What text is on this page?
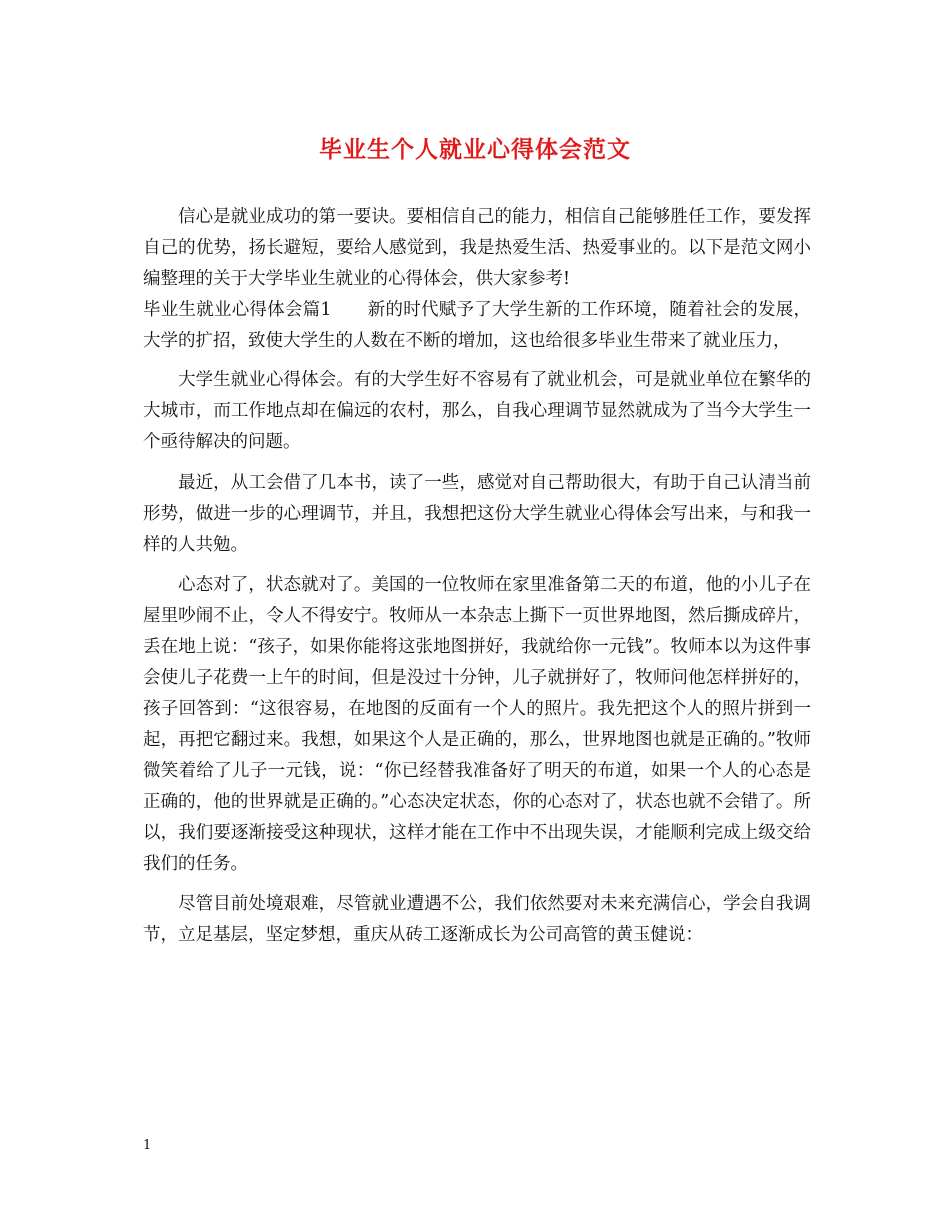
毕业生个人就业心得体会范文

信心是就业成功的第一要诀。要相信自己的能力，相信自己能够胜任工作，要发挥自己的优势，扬长避短，要给人感觉到，我是热爱生活、热爱事业的。以下是范文网小编整理的关于大学毕业生就业的心得体会，供大家参考!

毕业生就业心得体会篇1 新的时代赋予了大学生新的工作环境，随着社会的发展，大学的扩招，致使大学生的人数在不断的增加，这也给很多毕业生带来了就业压力，

大学生就业心得体会。有的大学生好不容易有了就业机会，可是就业单位在繁华的大城市，而工作地点却在偏远的农村，那么，自我心理调节显然就成为了当今大学生一个亟待解决的问题。

最近，从工会借了几本书，读了一些，感觉对自己帮助很大，有助于自己认清当前形势，做进一步的心理调节，并且，我想把这份大学生就业心得体会写出来，与和我一样的人共勉。

心态对了，状态就对了。美国的一位牧师在家里准备第二天的布道，他的小儿子在屋里吵闹不止，令人不得安宁。牧师从一本杂志上撕下一页世界地图，然后撕成碎片，丢在地上说：“孩子，如果你能将这张地图拼好，我就给你一元钱”。牧师本以为这件事会使儿子花费一上午的时间，但是没过十分钟，儿子就拼好了，牧师问他怎样拼好的，孩子回答到：“这很容易，在地图的反面有一个人的照片。我先把这个人的照片拼到一起，再把它翻过来。我想，如果这个人是正确的，那么，世界地图也就是正确的。”牧师微笑着给了儿子一元钱，说：“你已经替我准备好了明天的布道，如果一个人的心态是正确的，他的世界就是正确的。”心态决定状态，你的心态对了，状态也就不会错了。所以，我们要逐渐接受这种现状，这样才能在工作中不出现失误，才能顺利完成上级交给我们的任务。

尽管目前处境艰难，尽管就业遭遇不公，我们依然要对未来充满信心，学会自我调节，立足基层，坚定梦想，重庆从砖工逐渐成长为公司高管的黄玉健说：

1
